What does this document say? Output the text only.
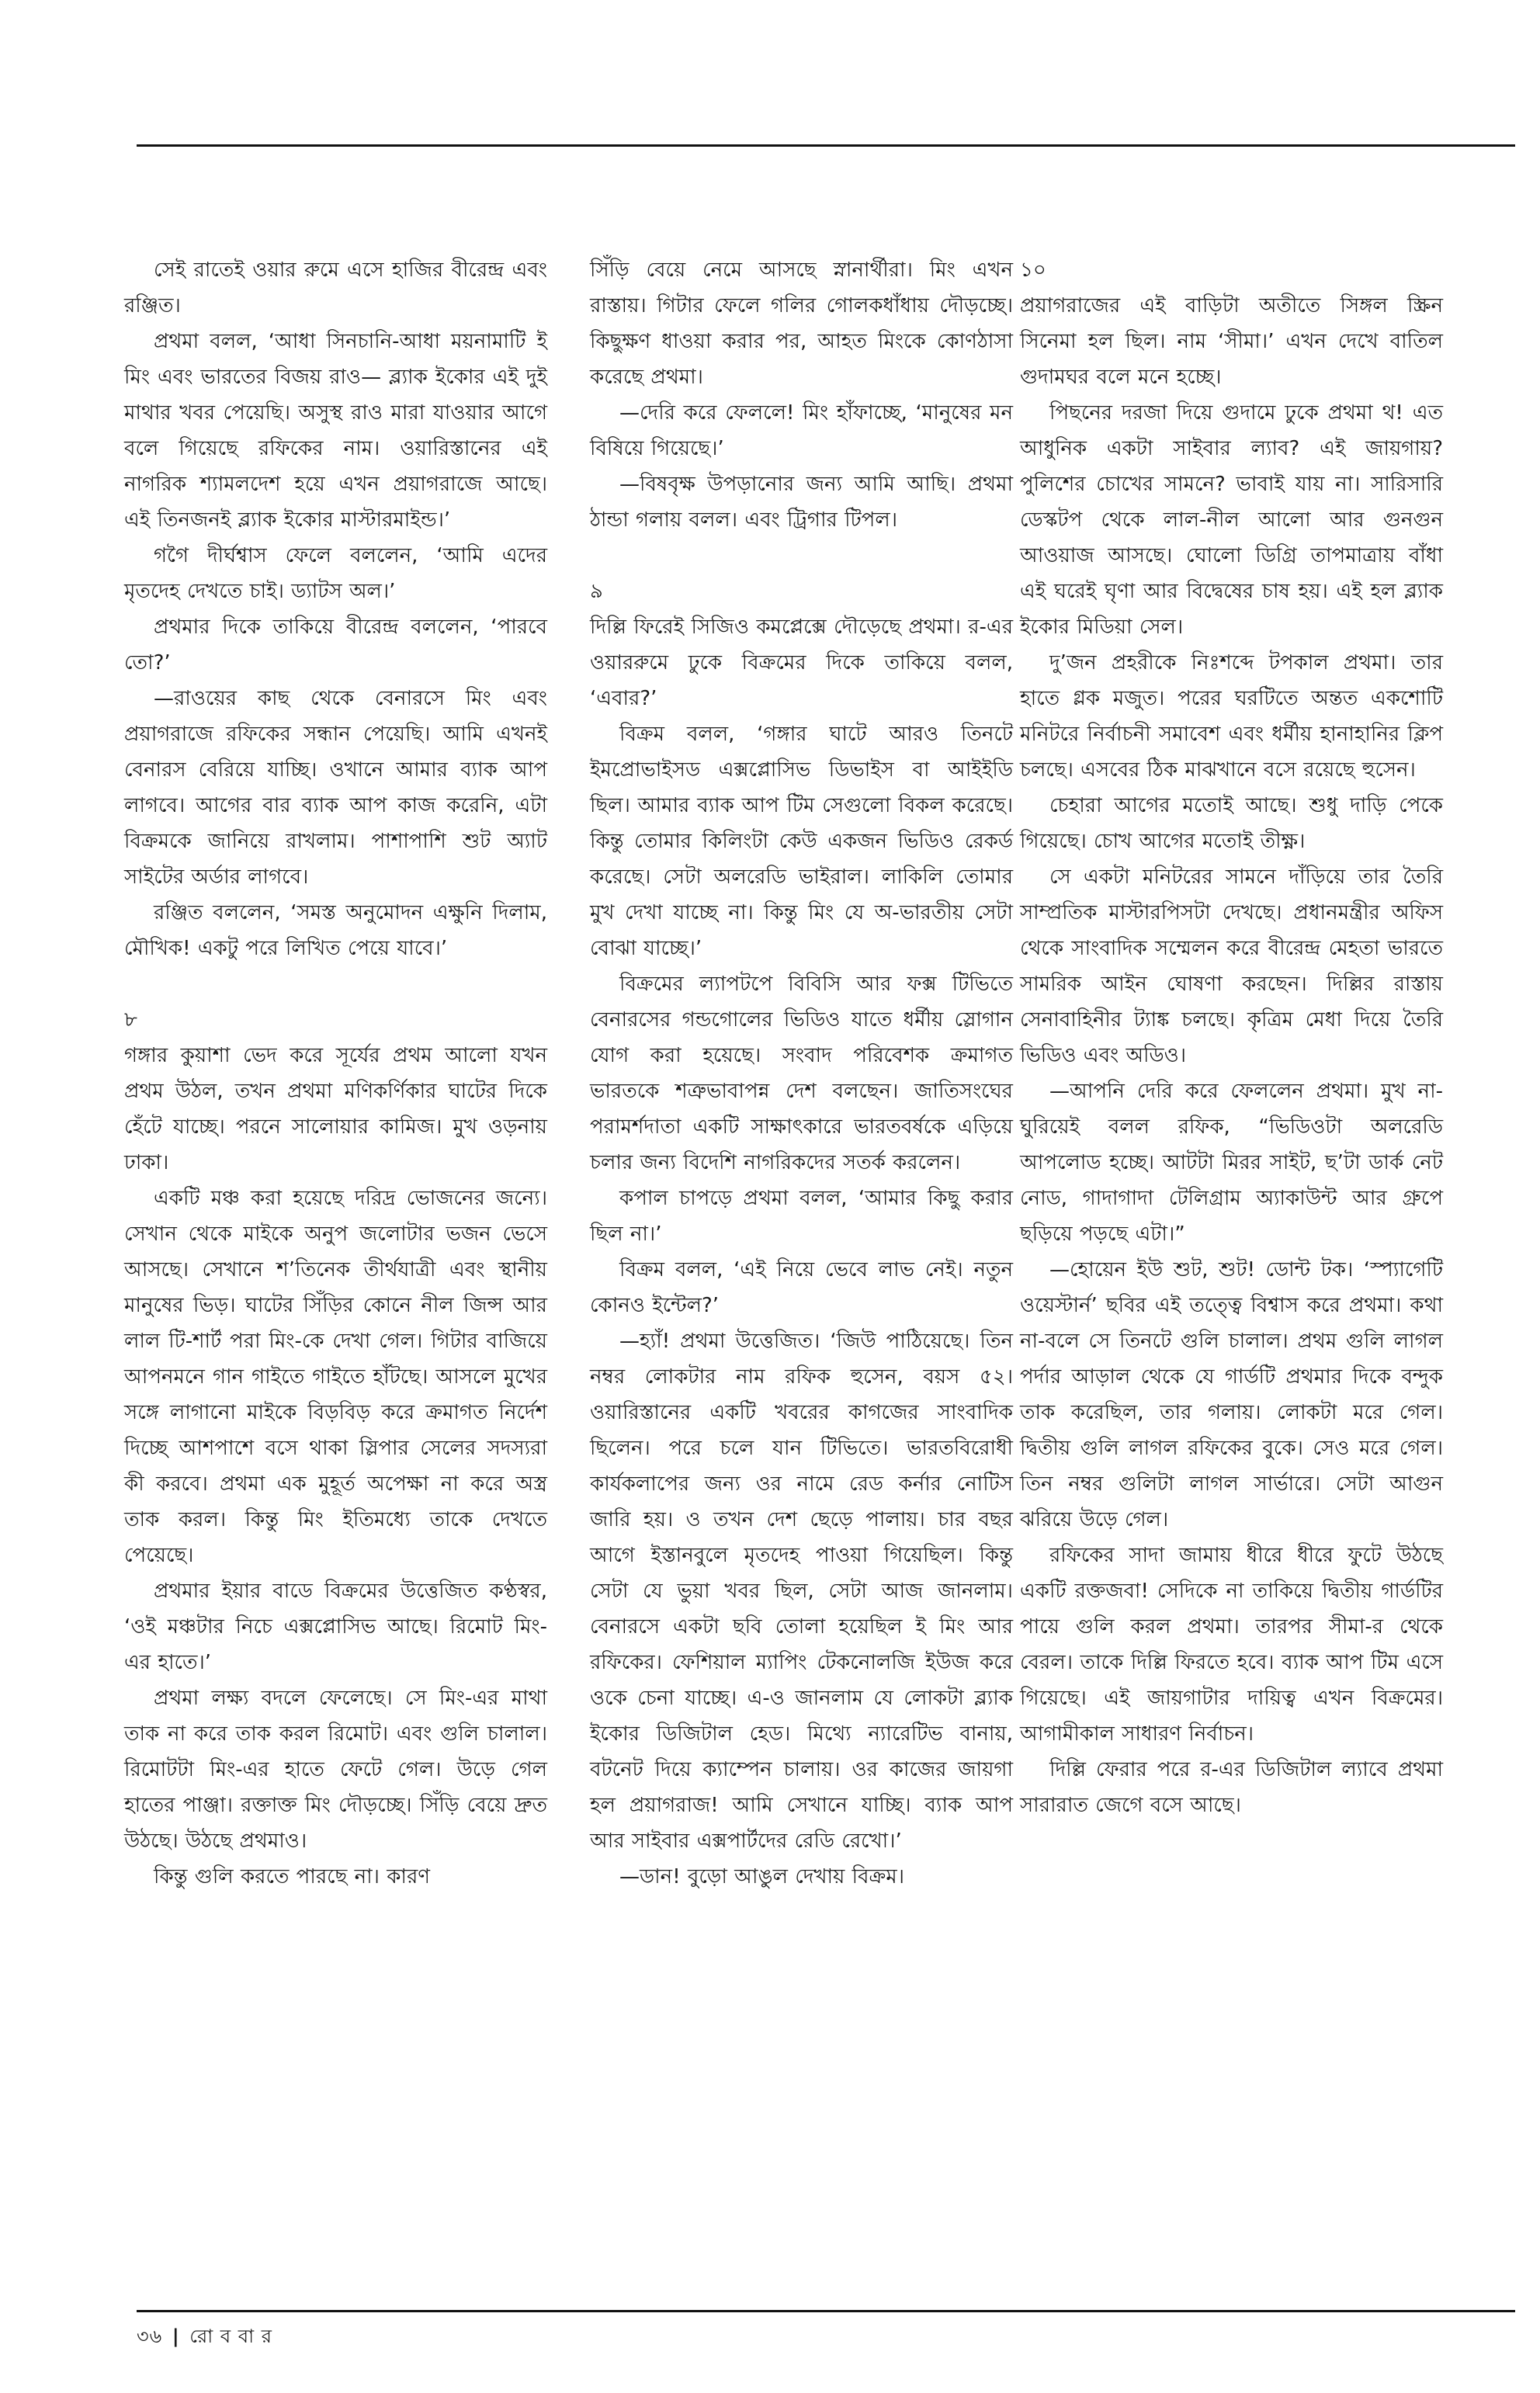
সেই রাতেই ওয়ার রুমে এসে হাজির বীরেন্দ্র এবং রঞ্জিত।

প্রথমা বলল, ‘আধা সিনচানি-আধা ময়নামাটি ই মিং এবং ভারতের বিজয় রাও— ব্ল্যাক ইকোর এই দুই মাথার খবর পেয়েছি। অসুস্থ রাও মারা যাওয়ার আগে বলে গিয়েছে রফিকের নাম। ওয়ারিস্তানের এই নাগরিক শ্যামলদেশ হয়ে এখন প্রয়াগরাজে আছে। এই তিনজনই ব্ল্যাক ইকোর মাস্টারমাইন্ড।’

গগৈ দীর্ঘশ্বাস ফেলে বললেন, ‘আমি এদের মৃতদেহ দেখতে চাই। ড্যাটস অল।’

প্রথমার দিকে তাকিয়ে বীরেন্দ্র বললেন, ‘পারবে তো?’

—রাওয়ের কাছ থেকে বেনারসে মিং এবং প্রয়াগরাজে রফিকের সন্ধান পেয়েছি। আমি এখনই বেনারস বেরিয়ে যাচ্ছি। ওখানে আমার ব্যাক আপ লাগবে। আগের বার ব্যাক আপ কাজ করেনি, এটা বিক্রমকে জানিয়ে রাখলাম। পাশাপাশি শুট অ্যাট সাইটের অর্ডার লাগবে।

রঞ্জিত বললেন, ‘সমস্ত অনুমোদন এক্ষুনি দিলাম, মৌখিক! একটু পরে লিখিত পেয়ে যাবে।’

৮

গঙ্গার কুয়াশা ভেদ করে সূর্যের প্রথম আলো যখন প্রথম উঠল, তখন প্রথমা মণিকর্ণিকার ঘাটের দিকে হেঁটে যাচ্ছে। পরনে সালোয়ার কামিজ। মুখ ওড়নায় ঢাকা।

একটি মঞ্চ করা হয়েছে দরিদ্র ভোজনের জন্যে। সেখান থেকে মাইকে অনুপ জলোটার ভজন ভেসে আসছে। সেখানে শ’তিনেক তীর্থযাত্রী এবং স্থানীয় মানুষের ভিড়। ঘাটের সিঁড়ির কোনে নীল জিন্স আর লাল টি-শার্ট পরা মিং-কে দেখা গেল। গিটার বাজিয়ে আপনমনে গান গাইতে গাইতে হাঁটছে। আসলে মুখের সঙ্গে লাগানো মাইকে বিড়বিড় করে ক্রমাগত নির্দেশ দিচ্ছে আশপাশে বসে থাকা স্লিপার সেলের সদস্যরা কী করবে। প্রথমা এক মুহূর্ত অপেক্ষা না করে অস্ত্র তাক করল। কিন্তু মিং ইতিমধ্যে তাকে দেখতে পেয়েছে।

প্রথমার ইয়ার বাডে বিক্রমের উত্তেজিত কণ্ঠস্বর, ‘ওই মঞ্চটার নিচে এক্সপ্লোসিভ আছে। রিমোট মিং-এর হাতে।’

প্রথমা লক্ষ্য বদলে ফেলেছে। সে মিং-এর মাথা তাক না করে তাক করল রিমোট। এবং গুলি চালাল। রিমোটটা মিং-এর হাতে ফেটে গেল। উড়ে গেল হাতের পাঞ্জা। রক্তাক্ত মিং দৌড়চ্ছে। সিঁড়ি বেয়ে দ্রুত উঠছে। উঠছে প্রথমাও।

কিন্তু গুলি করতে পারছে না। কারণ

সিঁড়ি বেয়ে নেমে আসছে স্নানার্থীরা। মিং এখন রাস্তায়। গিটার ফেলে গলির গোলকধাঁধায় দৌড়চ্ছে। কিছুক্ষণ ধাওয়া করার পর, আহত মিংকে কোণঠাসা করেছে প্রথমা।

—দেরি করে ফেললে! মিং হাঁফাচ্ছে, ‘মানুষের মন বিষিয়ে গিয়েছে।’

—বিষবৃক্ষ উপড়ানোর জন্য আমি আছি। প্রথমা ঠান্ডা গলায় বলল। এবং ট্রিগার টিপল।

৯

দিল্লি ফিরেই সিজিও কমপ্লেক্সে দৌড়েছে প্রথমা। র-এর ওয়াররুমে ঢুকে বিক্রমের দিকে তাকিয়ে বলল, ‘এবার?’

বিক্রম বলল, ‘গঙ্গার ঘাটে আরও তিনটে ইমপ্রোভাইসড এক্সপ্লোসিভ ডিভাইস বা আইইডি ছিল। আমার ব্যাক আপ টিম সেগুলো বিকল করেছে। কিন্তু তোমার কিলিংটা কেউ একজন ভিডিও রেকর্ড করেছে। সেটা অলরেডি ভাইরাল। লাকিলি তোমার মুখ দেখা যাচ্ছে না। কিন্তু মিং যে অ-ভারতীয় সেটা বোঝা যাচ্ছে।’

বিক্রমের ল্যাপটপে বিবিসি আর ফক্স টিভিতে বেনারসের গন্ডগোলের ভিডিও যাতে ধর্মীয় স্লোগান যোগ করা হয়েছে। সংবাদ পরিবেশক ক্রমাগত ভারতকে শত্রুভাবাপন্ন দেশ বলছেন। জাতিসংঘের পরামর্শদাতা একটি সাক্ষাৎকারে ভারতবর্ষকে এড়িয়ে চলার জন্য বিদেশি নাগরিকদের সতর্ক করলেন।

কপাল চাপড়ে প্রথমা বলল, ‘আমার কিছু করার ছিল না।’

বিক্রম বলল, ‘এই নিয়ে ভেবে লাভ নেই। নতুন কোনও ইন্টেল?’

—হ্যাঁ! প্রথমা উত্তেজিত। ‘জিউ পাঠিয়েছে। তিন নম্বর লোকটার নাম রফিক হুসেন, বয়স ৫২। ওয়ারিস্তানের একটি খবরের কাগজের সাংবাদিক ছিলেন। পরে চলে যান টিভিতে। ভারতবিরোধী কার্যকলাপের জন্য ওর নামে রেড কর্নার নোটিস জারি হয়। ও তখন দেশ ছেড়ে পালায়। চার বছর আগে ইস্তানবুলে মৃতদেহ পাওয়া গিয়েছিল। কিন্তু সেটা যে ভুয়া খবর ছিল, সেটা আজ জানলাম। বেনারসে একটা ছবি তোলা হয়েছিল ই মিং আর রফিকের। ফেশিয়াল ম্যাপিং টেকনোলজি ইউজ করে ওকে চেনা যাচ্ছে। এ-ও জানলাম যে লোকটা ব্ল্যাক ইকোর ডিজিটাল হেড। মিথ্যে ন্যারেটিভ বানায়, বটনেট দিয়ে ক্যাম্পেন চালায়। ওর কাজের জায়গা হল প্রয়াগরাজ! আমি সেখানে যাচ্ছি। ব্যাক আপ আর সাইবার এক্সপার্টদের রেডি রেখো।’

—ডান! বুড়ো আঙুল দেখায় বিক্রম।

১০

প্রয়াগরাজের এই বাড়িটা অতীতে সিঙ্গল স্ক্রিন সিনেমা হল ছিল। নাম ‘সীমা।’ এখন দেখে বাতিল গুদামঘর বলে মনে হচ্ছে।

পিছনের দরজা দিয়ে গুদামে ঢুকে প্রথমা থ! এত আধুনিক একটা সাইবার ল্যাব? এই জায়গায়? পুলিশের চোখের সামনে? ভাবাই যায় না। সারিসারি ডেস্কটপ থেকে লাল-নীল আলো আর গুনগুন আওয়াজ আসছে। ঘোলো ডিগ্রি তাপমাত্রায় বাঁধা এই ঘরেই ঘৃণা আর বিদ্বেষের চাষ হয়। এই হল ব্ল্যাক ইকোর মিডিয়া সেল।

দু’জন প্রহরীকে নিঃশব্দে টপকাল প্রথমা। তার হাতে গ্লক মজুত। পরের ঘরটিতে অন্তত একশোটি মনিটরে নির্বাচনী সমাবেশ এবং ধর্মীয় হানাহানির ক্লিপ চলছে। এসবের ঠিক মাঝখানে বসে রয়েছে হুসেন।

চেহারা আগের মতোই আছে। শুধু দাড়ি পেকে গিয়েছে। চোখ আগের মতোই তীক্ষ্ণ।

সে একটা মনিটরের সামনে দাঁড়িয়ে তার তৈরি সাম্প্রতিক মাস্টারপিসটা দেখছে। প্রধানমন্ত্রীর অফিস থেকে সাংবাদিক সম্মেলন করে বীরেন্দ্র মেহতা ভারতে সামরিক আইন ঘোষণা করছেন। দিল্লির রাস্তায় সেনাবাহিনীর ট্যাঙ্ক চলছে। কৃত্রিম মেধা দিয়ে তৈরি ভিডিও এবং অডিও।

—আপনি দেরি করে ফেললেন প্রথমা। মুখ না-ঘুরিয়েই বলল রফিক, “ভিডিওটা অলরেডি আপলোড হচ্ছে। আটটা মিরর সাইট, ছ’টা ডার্ক নেট নোড, গাদাগাদা টেলিগ্রাম অ্যাকাউন্ট আর গ্রুপে ছড়িয়ে পড়ছে এটা।”

—হোয়েন ইউ শুট, শুট! ডোন্ট টক। ‘স্প্যাগেটি ওয়েস্টার্ন’ ছবির এই তত্ত্বে বিশ্বাস করে প্রথমা। কথা না-বলে সে তিনটে গুলি চালাল। প্রথম গুলি লাগল পর্দার আড়াল থেকে যে গার্ডটি প্রথমার দিকে বন্দুক তাক করেছিল, তার গলায়। লোকটা মরে গেল। দ্বিতীয় গুলি লাগল রফিকের বুকে। সেও মরে গেল। তিন নম্বর গুলিটা লাগল সার্ভারে। সেটা আগুন ঝরিয়ে উড়ে গেল।

রফিকের সাদা জামায় ধীরে ধীরে ফুটে উঠছে একটি রক্তজবা! সেদিকে না তাকিয়ে দ্বিতীয় গার্ডটির পায়ে গুলি করল প্রথমা। তারপর সীমা-র থেকে বেরল। তাকে দিল্লি ফিরতে হবে। ব্যাক আপ টিম এসে গিয়েছে। এই জায়গাটার দায়িত্ব এখন বিক্রমের। আগামীকাল সাধারণ নির্বাচন।

দিল্লি ফেরার পরে র-এর ডিজিটাল ল্যাবে প্রথমা সারারাত জেগে বসে আছে।

৩৬ | রো ব বা র
